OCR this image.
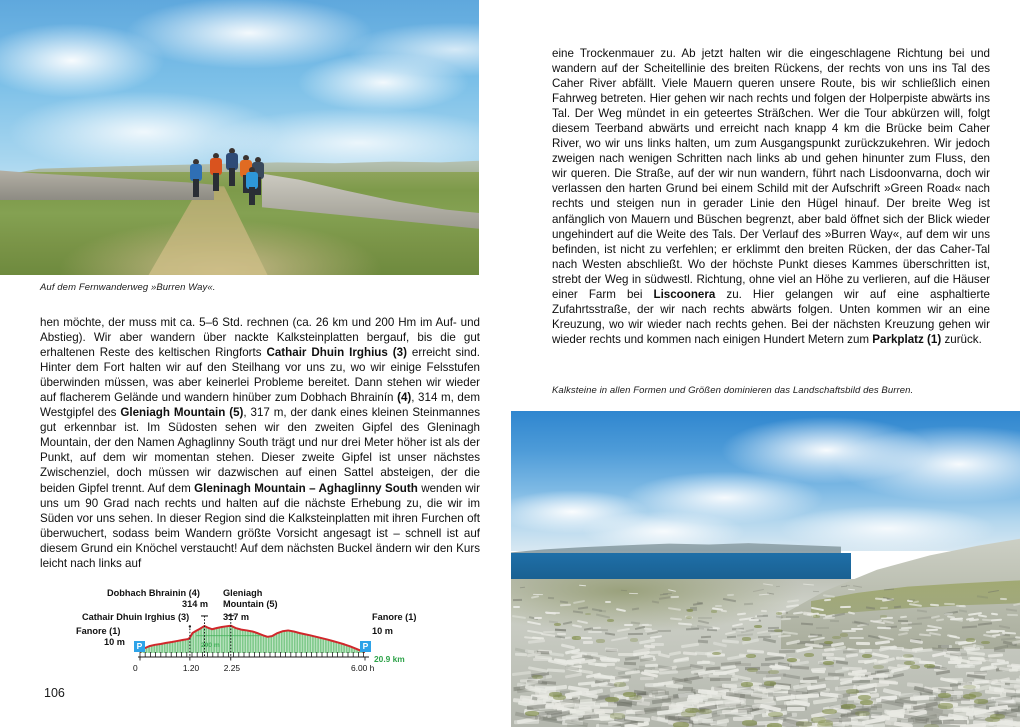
Auf dem Fernwanderweg »Burren Way«.
hen möchte, der muss mit ca. 5–6 Std. rechnen (ca. 26 km und 200 Hm im Auf- und Abstieg). Wir aber wandern über nackte Kalksteinplatten bergauf, bis die gut erhaltenen Reste des keltischen Ringforts Cathair Dhuin Irghius (3) erreicht sind. Hinter dem Fort halten wir auf den Steilhang vor uns zu, wo wir einige Felsstufen überwinden müssen, was aber keinerlei Probleme bereitet. Dann stehen wir wieder auf flacherem Gelände und wandern hinüber zum Dobhach Bhrainín (4), 314 m, dem Westgipfel des Gleniagh Mountain (5), 317 m, der dank eines kleinen Steinmannes gut erkennbar ist. Im Südosten sehen wir den zweiten Gipfel des Gleninagh Mountain, der den Namen Aghaglinny South trägt und nur drei Meter höher ist als der Punkt, auf dem wir momentan stehen. Dieser zweite Gipfel ist unser nächstes Zwischenziel, doch müssen wir dazwischen auf einen Sattel absteigen, der die beiden Gipfel trennt. Auf dem Gleninagh Mountain – Aghaglinny South wenden wir uns um 90 Grad nach rechts und halten auf die nächste Erhebung zu, die wir im Süden vor uns sehen. In dieser Region sind die Kalksteinplatten mit ihren Furchen oft überwuchert, sodass beim Wandern größte Vorsicht angesagt ist – schnell ist auf diesem Grund ein Knöchel verstaucht! Auf dem nächsten Buckel ändern wir den Kurs leicht nach links auf
eine Trockenmauer zu. Ab jetzt halten wir die eingeschlagene Richtung bei und wandern auf der Scheitellinie des breiten Rückens, der rechts von uns ins Tal des Caher River abfällt. Viele Mauern queren unsere Route, bis wir schließlich einen Fahrweg betreten. Hier gehen wir nach rechts und folgen der Holperpiste abwärts ins Tal. Der Weg mündet in ein geteertes Sträßchen. Wer die Tour abkürzen will, folgt diesem Teerband abwärts und erreicht nach knapp 4 km die Brücke beim Caher River, wo wir uns links halten, um zum Ausgangspunkt zurückzukehren. Wir jedoch zweigen nach wenigen Schritten nach links ab und gehen hinunter zum Fluss, den wir queren. Die Straße, auf der wir nun wandern, führt nach Lisdoonvarna, doch wir verlassen den harten Grund bei einem Schild mit der Aufschrift »Green Road« nach rechts und steigen nun in gerader Linie den Hügel hinauf. Der breite Weg ist anfänglich von Mauern und Büschen begrenzt, aber bald öffnet sich der Blick wieder ungehindert auf die Weite des Tals. Der Verlauf des »Burren Way«, auf dem wir uns befinden, ist nicht zu verfehlen; er erklimmt den breiten Rücken, der das Caher-Tal nach Westen abschließt. Wo der höchste Punkt dieses Kammes überschritten ist, strebt der Weg in südwestl. Richtung, ohne viel an Höhe zu verlieren, auf die Häuser einer Farm bei Liscoonera zu. Hier gelangen wir auf eine asphaltierte Zufahrtsstraße, der wir nach rechts abwärts folgen. Unten kommen wir an eine Kreuzung, wo wir wieder nach rechts gehen. Bei der nächsten Kreuzung gehen wir wieder rechts und kommen nach einigen Hundert Metern zum Parkplatz (1) zurück.
Kalksteine in allen Formen und Größen dominieren das Landschaftsbild des Burren.
Dobhach Bhrainin (4)
314 m
Gleniagh
Mountain (5)
317 m
Cathair Dhuin Irghius (3)
Fanore (1)
10 m
Fanore (1)
10 m
P	P
20.9 km
200 m
0	1.20	2.25	6.00 h
106
